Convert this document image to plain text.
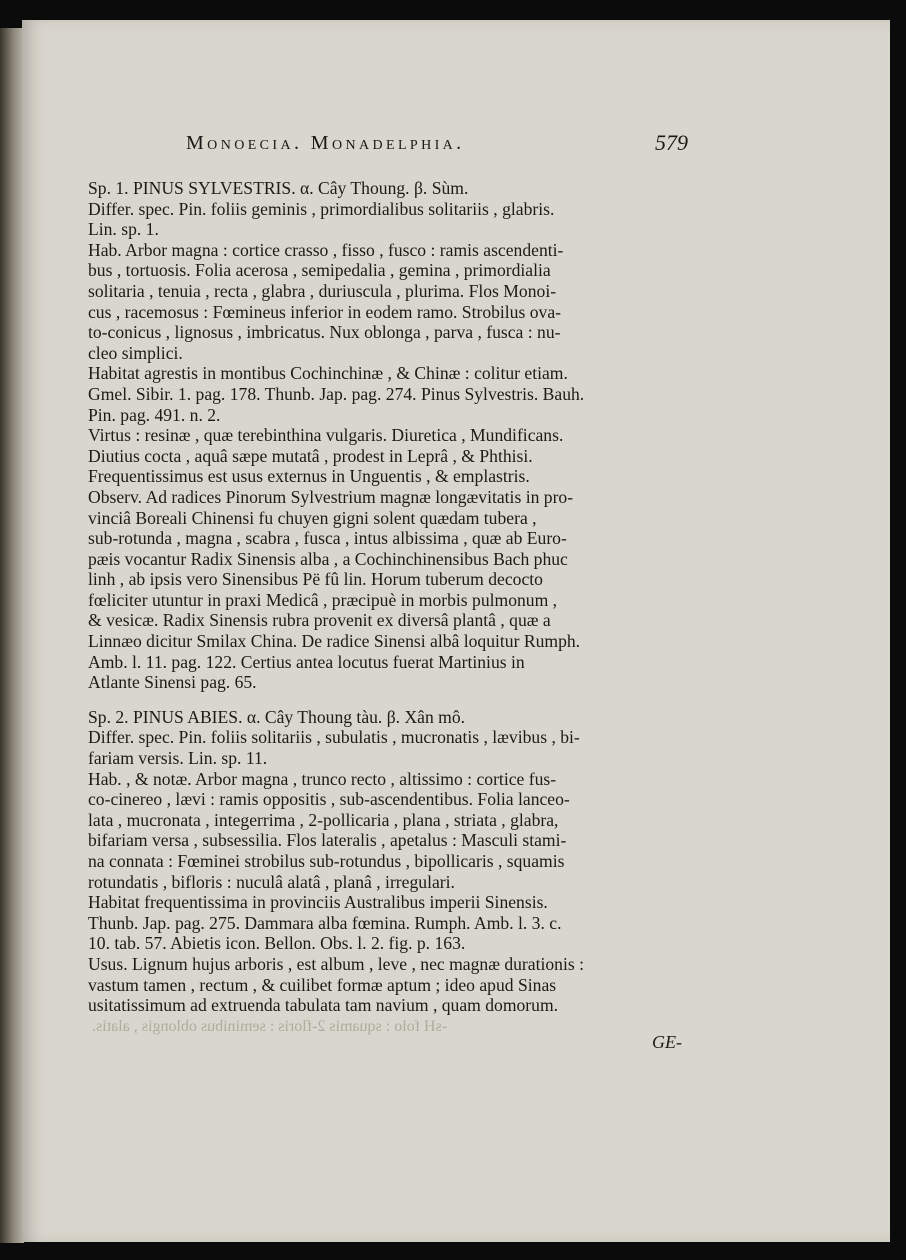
Monoecia. Monadelphia.	579
Sp. 1. PINUS SYLVESTRIS. α. Cây Thoung. β. Sùm.
Differ. spec. Pin. foliis geminis , primordialibus solitariis , glabris.
Lin. sp. 1.
Hab. Arbor magna : cortice crasso , fisso , fusco : ramis ascendenti-
bus , tortuosis. Folia acerosa , semipedalia , gemina , primordialia
solitaria , tenuia , recta , glabra , duriuscula , plurima. Flos Monoi-
cus , racemosus : Fœmineus inferior in eodem ramo. Strobilus ova-
to-conicus , lignosus , imbricatus. Nux oblonga , parva , fusca : nu-
cleo simplici.
Habitat agrestis in montibus Cochinchinæ , & Chinæ : colitur etiam.
Gmel. Sibir. 1. pag. 178. Thunb. Jap. pag. 274. Pinus Sylvestris. Bauh.
Pin. pag. 491. n. 2.
Virtus : resinæ , quæ terebinthina vulgaris. Diuretica , Mundificans.
Diutius cocta , aquâ sæpe mutatâ , prodest in Leprâ , & Phthisi.
Frequentissimus est usus externus in Unguentis , & emplastris.
Observ. Ad radices Pinorum Sylvestrium magnæ longævitatis in pro-
vinciâ Boreali Chinensi fu chuyen gigni solent quædam tubera ,
sub-rotunda , magna , scabra , fusca , intus albissima , quæ ab Euro-
pæis vocantur Radix Sinensis alba , a Cochinchinensibus Bach phuc
linh , ab ipsis vero Sinensibus Pë fû lin. Horum tuberum decocto
fœliciter utuntur in praxi Medicâ , præcipuè in morbis pulmonum ,
& vesicæ. Radix Sinensis rubra provenit ex diversâ plantâ , quæ a
Linnæo dicitur Smilax China. De radice Sinensi albâ loquitur Rumph.
Amb. l. 11. pag. 122. Certius antea locutus fuerat Martinius in
Atlante Sinensi pag. 65.
Sp. 2. PINUS ABIES. α. Cây Thoung tàu. β. Xân mô.
Differ. spec. Pin. foliis solitariis , subulatis , mucronatis , lævibus , bi-
fariam versis. Lin. sp. 11.
Hab. , & notæ. Arbor magna , trunco recto , altissimo : cortice fus-
co-cinereo , lævi : ramis oppositis , sub-ascendentibus. Folia lanceo-
lata , mucronata , integerrima , 2-pollicaria , plana , striata , glabra,
bifariam versa , subsessilia. Flos lateralis , apetalus : Masculi stami-
na connata : Fœminei strobilus sub-rotundus , bipollicaris , squamis
rotundatis , bifloris : nuculâ alatâ , planâ , irregulari.
Habitat frequentissima in provinciis Australibus imperii Sinensis.
Thunb. Jap. pag. 275. Dammara alba fœmina. Rumph. Amb. l. 3. c.
10. tab. 57. Abietis icon. Bellon. Obs. l. 2. fig. p. 163.
Usus. Lignum hujus arboris , est album , leve , nec magnæ durationis :
vastum tamen , rectum , & cuilibet formæ aptum ; ideo apud Sinas
usitatissimum ad extruenda tabulata tam navium , quam domorum.
-sH folo : squamis 2-floris : seminibus oblongis , alatis.
GE-
